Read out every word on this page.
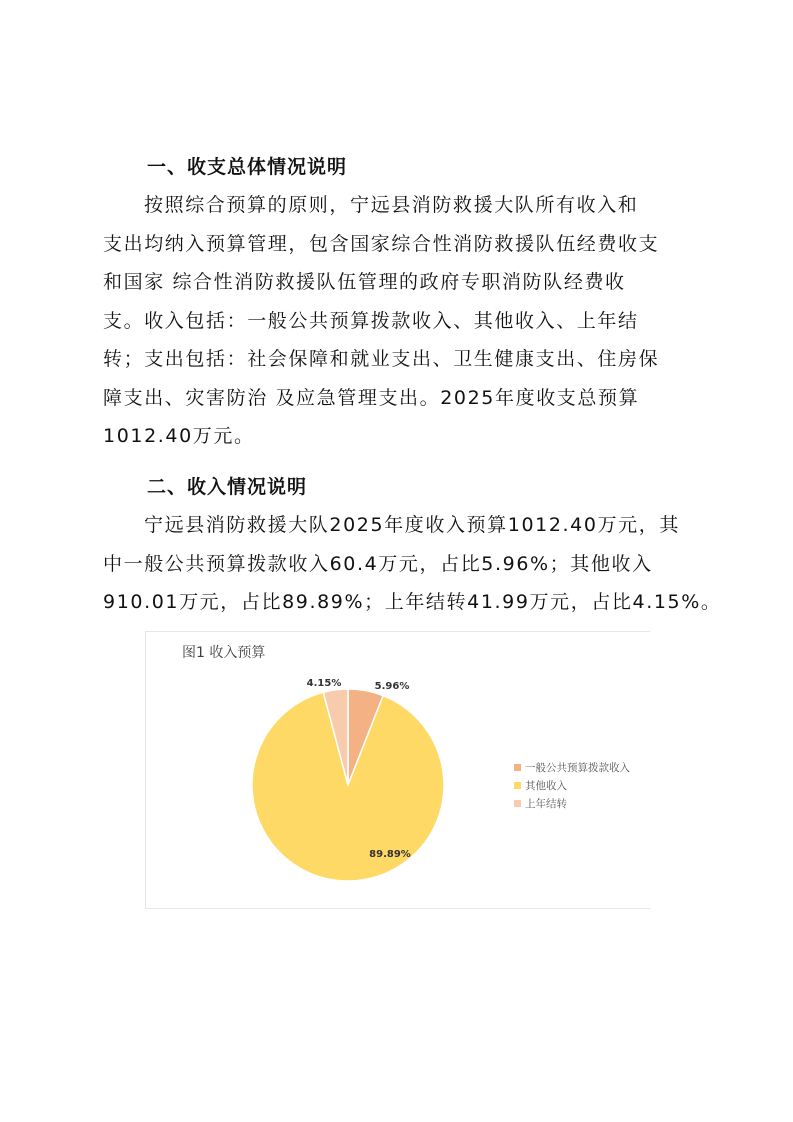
一、收支总体情况说明
按照综合预算的原则，宁远县消防救援大队所有收入和
支出均纳入预算管理，包含国家综合性消防救援队伍经费收支
和国家 综合性消防救援队伍管理的政府专职消防队经费收
支。收入包括：一般公共预算拨款收入、其他收入、上年结
转；支出包括：社会保障和就业支出、卫生健康支出、住房保
障支出、灾害防治 及应急管理支出。2025年度收支总预算
1012.40万元。
二、收入情况说明
宁远县消防救援大队2025年度收入预算1012.40万元，其
中一般公共预算拨款收入60.4万元，占比5.96%；其他收入
910.01万元，占比89.89%；上年结转41.99万元，占比4.15%。
图1 收入预算
5.96%
89.89%
4.15%
一般公共预算拨款收入
其他收入
上年结转
